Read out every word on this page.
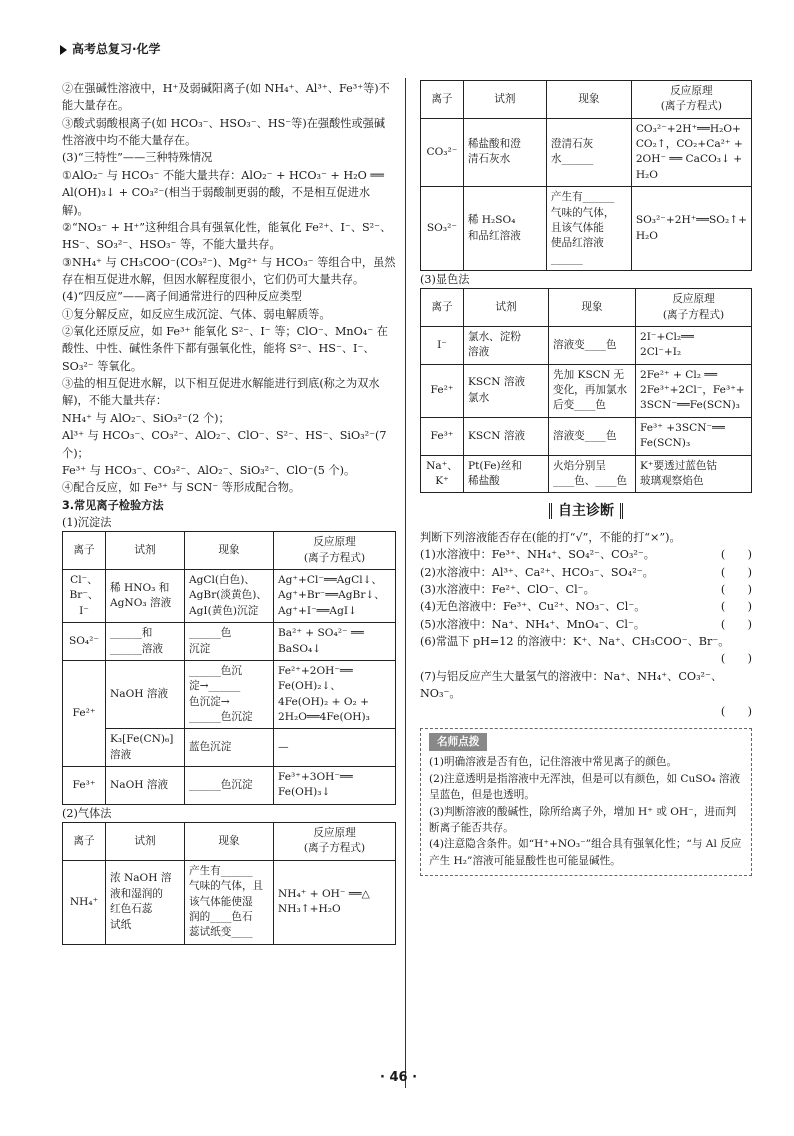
高考总复习·化学

②在强碱性溶液中，H⁺及弱碱阳离子(如 NH₄⁺、Al³⁺、Fe³⁺等)不能大量存在。

③酸式弱酸根离子(如 HCO₃⁻、HSO₃⁻、HS⁻等)在强酸性或强碱性溶液中均不能大量存在。

(3)“三特性”——三种特殊情况

①AlO₂⁻ 与 HCO₃⁻ 不能大量共存：AlO₂⁻ + HCO₃⁻ + H₂O ══ Al(OH)₃↓ + CO₃²⁻(相当于弱酸制更弱的酸，不是相互促进水解)。

②“NO₃⁻ + H⁺”这种组合具有强氧化性，能氧化 Fe²⁺、I⁻、S²⁻、HS⁻、SO₃²⁻、HSO₃⁻ 等，不能大量共存。

③NH₄⁺ 与 CH₃COO⁻(CO₃²⁻)、Mg²⁺ 与 HCO₃⁻ 等组合中，虽然存在相互促进水解，但因水解程度很小，它们仍可大量共存。

(4)“四反应”——离子间通常进行的四种反应类型

①复分解反应，如反应生成沉淀、气体、弱电解质等。

②氧化还原反应，如 Fe³⁺ 能氧化 S²⁻、I⁻ 等；ClO⁻、MnO₄⁻ 在酸性、中性、碱性条件下都有强氧化性，能将 S²⁻、HS⁻、I⁻、SO₃²⁻ 等氧化。

③盐的相互促进水解，以下相互促进水解能进行到底(称之为双水解)，不能大量共存：

NH₄⁺ 与 AlO₂⁻、SiO₃²⁻(2 个)；

Al³⁺ 与 HCO₃⁻、CO₃²⁻、AlO₂⁻、ClO⁻、S²⁻、HS⁻、SiO₃²⁻(7 个)；

Fe³⁺ 与 HCO₃⁻、CO₃²⁻、AlO₂⁻、SiO₃²⁻、ClO⁻(5 个)。

④配合反应，如 Fe³⁺ 与 SCN⁻ 等形成配合物。

3.常见离子检验方法

(1)沉淀法

离子	试剂	现象	反应原理
(离子方程式)
Cl⁻、
Br⁻、
I⁻	稀 HNO₃ 和
AgNO₃ 溶液	AgCl(白色)、
AgBr(淡黄色)、AgI(黄色)沉淀	Ag⁺+Cl⁻══AgCl↓、
Ag⁺+Br⁻══AgBr↓、
Ag⁺+I⁻══AgI↓
SO₄²⁻	______和
______溶液	______色
沉淀	Ba²⁺ + SO₄²⁻ ══
BaSO₄↓
Fe²⁺	NaOH 溶液	______色沉
淀→______
色沉淀→
______色沉淀	Fe²⁺+2OH⁻══
Fe(OH)₂↓、
4Fe(OH)₂ + O₂ +
2H₂O══4Fe(OH)₃
	K₃[Fe(CN)₆]
溶液	蓝色沉淀	—
Fe³⁺	NaOH 溶液	______色沉淀	Fe³⁺+3OH⁻══
Fe(OH)₃↓

(2)气体法

离子	试剂	现象	反应原理
(离子方程式)
NH₄⁺	浓 NaOH 溶
液和湿润的
红色石蕊
试纸	产生有______
气味的气体，且
该气体能使湿
润的____色石
蕊试纸变____	NH₄⁺ + OH⁻ ══△
NH₃↑+H₂O
离子	试剂	现象	反应原理
(离子方程式)
CO₃²⁻	稀盐酸和澄
清石灰水	澄清石灰
水______	CO₃²⁻+2H⁺══H₂O+
CO₂↑，CO₂+Ca²⁺ +
2OH⁻ ══ CaCO₃↓ +
H₂O
SO₃²⁻	稀 H₂SO₄
和品红溶液	产生有______
气味的气体，
且该气体能
使品红溶液
______	SO₃²⁻+2H⁺══SO₂↑+
H₂O

(3)显色法

离子	试剂	现象	反应原理
(离子方程式)
I⁻	氯水、淀粉
溶液	溶液变____色	2I⁻+Cl₂══
2Cl⁻+I₂
Fe²⁺	KSCN 溶液
氯水	先加 KSCN 无
变化，再加氯水
后变____色	2Fe²⁺ + Cl₂ ══
2Fe³⁺+2Cl⁻，Fe³⁺+
3SCN⁻══Fe(SCN)₃
Fe³⁺	KSCN 溶液	溶液变____色	Fe³⁺ +3SCN⁻══
Fe(SCN)₃
Na⁺、
K⁺	Pt(Fe)丝和
稀盐酸	火焰分别呈
____色、____色	K⁺要透过蓝色钴
玻璃观察焰色
自主诊断

判断下列溶液能否存在(能的打“√”，不能的打“×”)。

(1)水溶液中：Fe³⁺、NH₄⁺、SO₄²⁻、CO₃²⁻。	(　　)
(2)水溶液中：Al³⁺、Ca²⁺、HCO₃⁻、SO₄²⁻。	(　　)
(3)水溶液中：Fe²⁺、ClO⁻、Cl⁻。	(　　)
(4)无色溶液中：Fe³⁺、Cu²⁺、NO₃⁻、Cl⁻。	(　　)
(5)水溶液中：Na⁺、NH₄⁺、MnO₄⁻、Cl⁻。	(　　)
(6)常温下 pH=12 的溶液中：K⁺、Na⁺、CH₃COO⁻、Br⁻。
(　　)
(7)与铝反应产生大量氢气的溶液中：Na⁺、NH₄⁺、CO₃²⁻、NO₃⁻。
(　　)
名师点拨

(1)明确溶液是否有色，记住溶液中常见离子的颜色。

(2)注意透明是指溶液中无浑浊，但是可以有颜色，如 CuSO₄ 溶液呈蓝色，但是也透明。

(3)判断溶液的酸碱性，除所给离子外，增加 H⁺ 或 OH⁻，进而判断离子能否共存。

(4)注意隐含条件。如“H⁺+NO₃⁻”组合具有强氧化性；“与 Al 反应产生 H₂”溶液可能显酸性也可能显碱性。

· 46 ·
